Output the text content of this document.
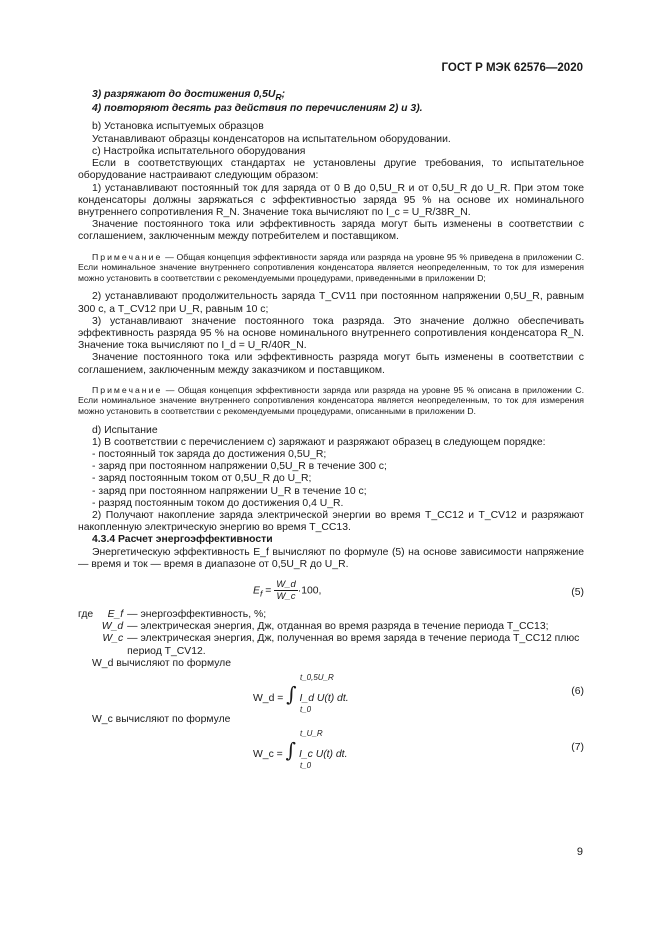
ГОСТ Р МЭК 62576—2020

3) разряжают до достижения $0,5U_R$;

4) повторяют десять раз действия по перечислениям 2) и 3).

b) Установка испытуемых образцов

Устанавливают образцы конденсаторов на испытательном оборудовании.

c) Настройка испытательного оборудования

Если в соответствующих стандартах не установлены другие требования, то испытательное оборудование настраивают следующим образом:

1) устанавливают постоянный ток для заряда от 0 В до 0,5U_R и от 0,5U_R до U_R. При этом токе конденсаторы должны заряжаться с эффективностью заряда 95 % на основе их номинального внутреннего сопротивления R_N. Значение тока вычисляют по I_c = U_R/38R_N.

Значение постоянного тока или эффективность заряда могут быть изменены в соответствии с соглашением, заключенным между потребителем и поставщиком.

Примечание — Общая концепция эффективности заряда или разряда на уровне 95 % приведена в приложении С. Если номинальное значение внутреннего сопротивления конденсатора является неопределенным, то ток для измерения можно установить в соответствии с рекомендуемыми процедурами, приведенными в приложении D;

2) устанавливают продолжительность заряда T_CV11 при постоянном напряжении 0,5U_R, равным 300 с, а T_CV12 при U_R, равным 10 с;

3) устанавливают значение постоянного тока разряда. Это значение должно обеспечивать эффективность разряда 95 % на основе номинального внутреннего сопротивления конденсатора R_N. Значение тока вычисляют по I_d = U_R/40R_N.

Значение постоянного тока или эффективность разряда могут быть изменены в соответствии с соглашением, заключенным между заказчиком и поставщиком.

Примечание — Общая концепция эффективности заряда или разряда на уровне 95 % описана в приложении С. Если номинальное значение внутреннего сопротивления конденсатора является неопределенным, то ток для измерения можно установить в соответствии с рекомендуемыми процедурами, описанными в приложении D.

d) Испытание

1) В соответствии с перечислением с) заряжают и разряжают образец в следующем порядке:

- постоянный ток заряда до достижения 0,5U_R;

- заряд при постоянном напряжении 0,5U_R в течение 300 с;

- заряд постоянным током от 0,5U_R до U_R;

- заряд при постоянном напряжении U_R в течение 10 с;

- разряд постоянным током до достижения 0,4 U_R.

2) Получают накопление заряда электрической энергии во время T_CC12 и T_CV12 и разряжают накопленную электрическую энергию во время T_CC13.

4.3.4 Расчет энергоэффективности

Энергетическую эффективность E_f вычисляют по формуле (5) на основе зависимости напряжение — время и ток — время в диапазоне от 0,5U_R до U_R.

$E_f = \frac{W\_d}{W\_c} \cdot 100$,	(5)
где	E_f	— энергоэффективность, %;
	W_d	— электрическая энергия, Дж, отданная во время разряда в течение периода T_CC13;
	W_c	— электрическая энергия, Дж, полученная во время заряда в течение периода T_CC12 плюс период T_CV12.

W_d вычисляют по формуле

W_d = ∫ I_d U(t) dt.
t_0,5U_R
t_0
(6)

W_c вычисляют по формуле

W_c = ∫ I_c U(t) dt.
t_U_R
t_0
(7)
9
